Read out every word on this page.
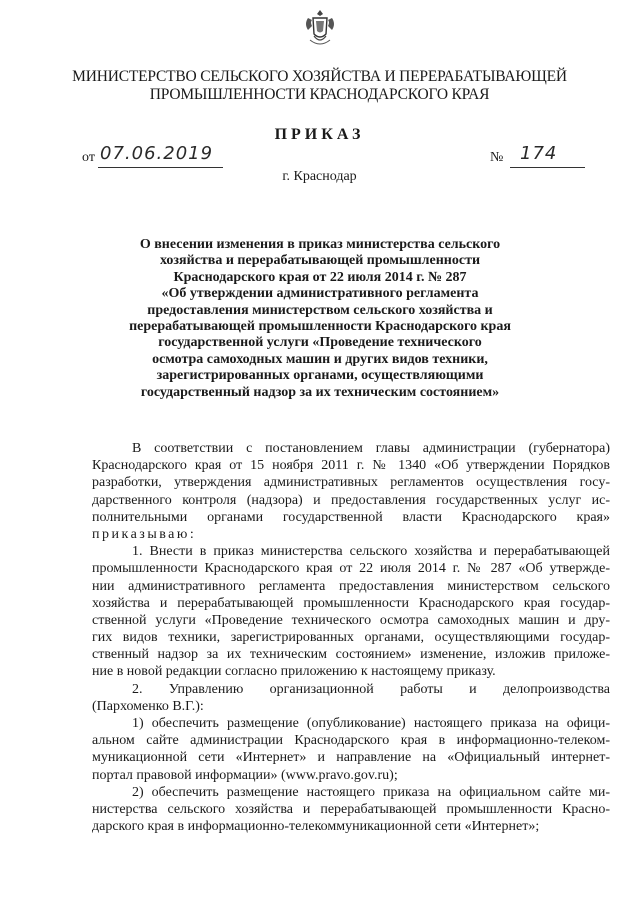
МИНИСТЕРСТВО СЕЛЬСКОГО ХОЗЯЙСТВА И ПЕРЕРАБАТЫВАЮЩЕЙ
ПРОМЫШЛЕННОСТИ КРАСНОДАРСКОГО КРАЯ
ПРИКАЗ
от 07.06.2019	№ 174
г. Краснодар
О внесении изменения в приказ министерства сельского
хозяйства и перерабатывающей промышленности
Краснодарского края от 22 июля 2014 г. № 287
«Об утверждении административного регламента
предоставления министерством сельского хозяйства и
перерабатывающей промышленности Краснодарского края
государственной услуги «Проведение технического
осмотра самоходных машин и других видов техники,
зарегистрированных органами, осуществляющими
государственный надзор за их техническим состоянием»
В соответствии с постановлением главы администрации (губернатора)
Краснодарского края от 15 ноября 2011 г. № 1340 «Об утверждении Порядков
разработки, утверждения административных регламентов осуществления госу-
дарственного контроля (надзора) и предоставления государственных услуг ис-
полнительными органами государственной власти Краснодарского края»
приказываю:
1. Внести в приказ министерства сельского хозяйства и перерабатывающей
промышленности Краснодарского края от 22 июля 2014 г. № 287 «Об утвержде-
нии административного регламента предоставления министерством сельского
хозяйства и перерабатывающей промышленности Краснодарского края государ-
ственной услуги «Проведение технического осмотра самоходных машин и дру-
гих видов техники, зарегистрированных органами, осуществляющими государ-
ственный надзор за их техническим состоянием» изменение, изложив приложе-
ние в новой редакции согласно приложению к настоящему приказу.
2. Управлению организационной работы и делопроизводства
(Пархоменко В.Г.):
1) обеспечить размещение (опубликование) настоящего приказа на офици-
альном сайте администрации Краснодарского края в информационно-телеком-
муникационной сети «Интернет» и направление на «Официальный интернет-
портал правовой информации» (www.pravo.gov.ru);
2) обеспечить размещение настоящего приказа на официальном сайте ми-
нистерства сельского хозяйства и перерабатывающей промышленности Красно-
дарского края в информационно-телекоммуникационной сети «Интернет»;
